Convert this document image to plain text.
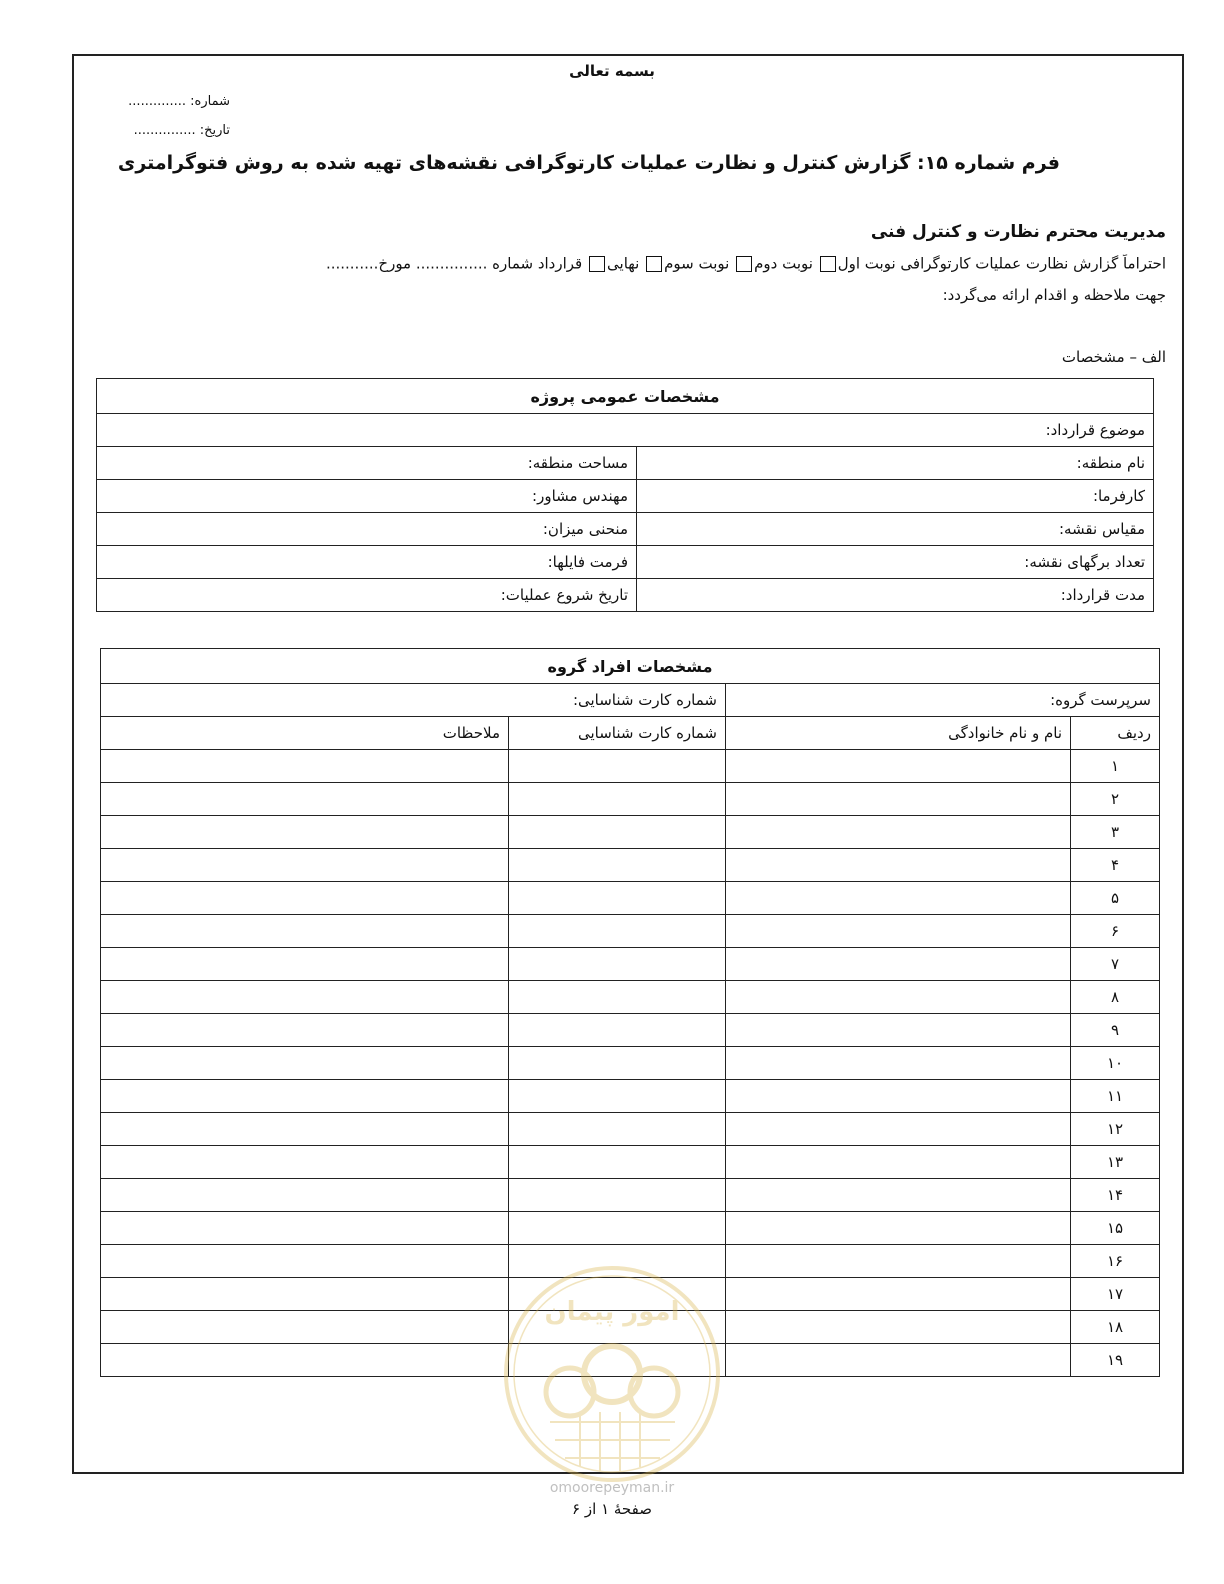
بسمه تعالی
شماره: ..............
تاریخ: ...............
فرم شماره ۱۵: گزارش کنترل و نظارت عملیات کارتوگرافی نقشه‌های تهیه شده به روش فتوگرامتری
مدیریت محترم نظارت و کنترل فنی
احتراماً گزارش نظارت عملیات کارتوگرافی نوبت اول نوبت دوم نوبت سوم نهایی قرارداد شماره ............... مورخ...........
جهت ملاحظه و اقدام ارائه می‌گردد:
الف – مشخصات
مشخصات عمومی پروژه	
موضوع قرارداد:	
نام منطقه:	مساحت منطقه:
کارفرما:	مهندس مشاور:
مقیاس نقشه:	منحنی میزان:
تعداد برگهای نقشه:	فرمت فایلها:
مدت قرارداد:	تاریخ شروع عملیات:
مشخصات افراد گروه			
سرپرست گروه:		شماره کارت شناسایی:	
ردیف	نام و نام خانوادگی	شماره کارت شناسایی	ملاحظات
۱			
۲			
۳			
۴			
۵			
۶			
۷			
۸			
۹			
۱۰			
۱۱			
۱۲			
۱۳			
۱۴			
۱۵			
۱۶			
۱۷			
۱۸			
۱۹			
امور پیمان
omoorepeyman.ir
صفحهٔ ۱ از ۶
